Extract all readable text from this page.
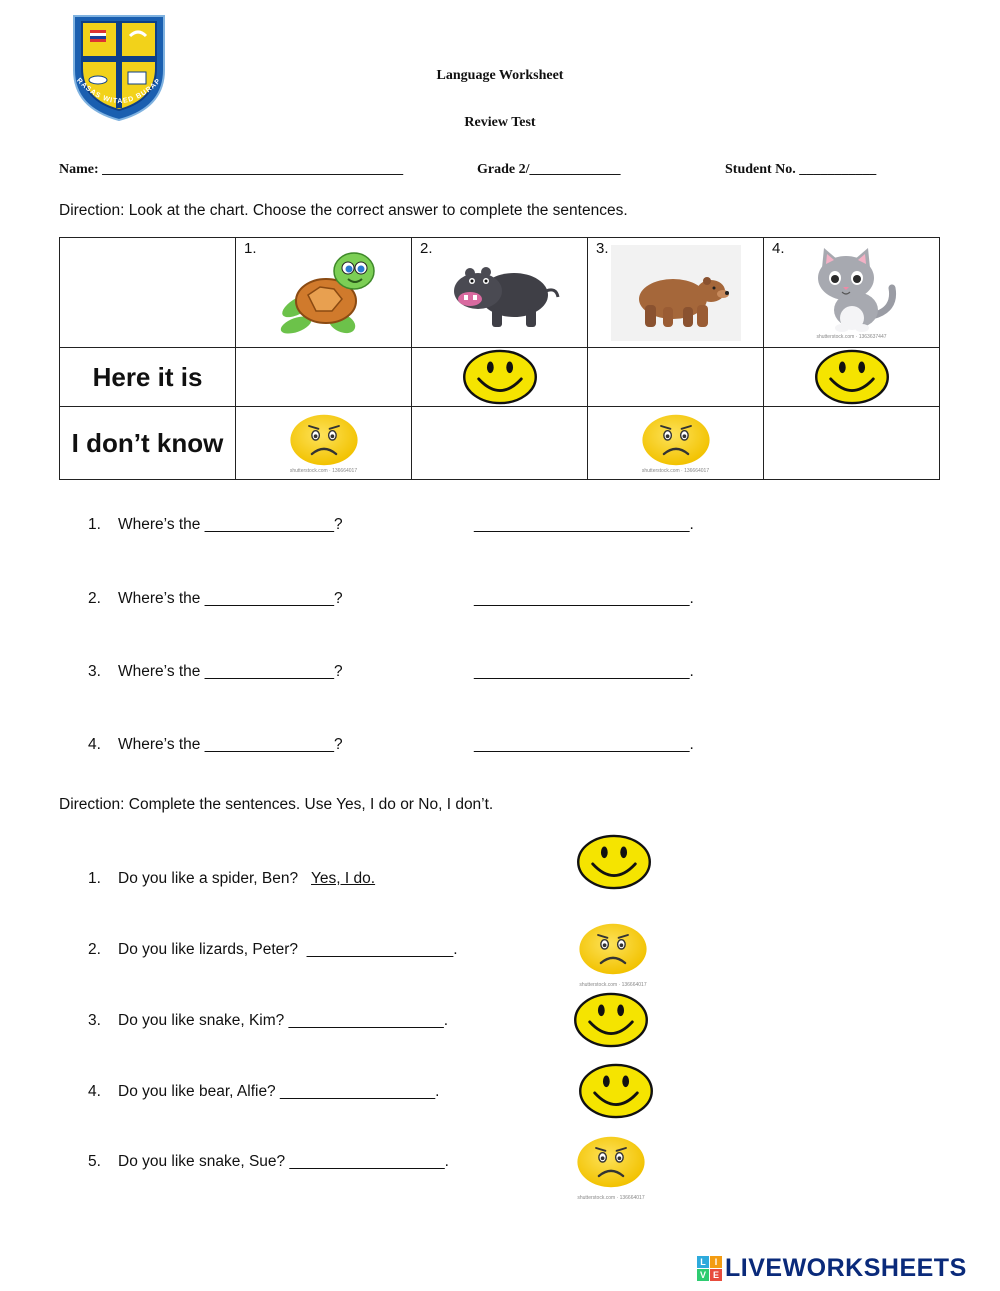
RASAS WITAED BURAP	Language Worksheet
Review Test
Name: ___________________________________________	Grade 2/_____________	Student No. ___________
Direction: Look at the chart. Choose the correct answer to complete the sentences.

	1.	2.	3.	4.
shutterstock.com · 1363637447

Here it is		

I don’t know	shutterstock.com · 136664017		shutterstock.com · 136664017	

1. Where’s the _______________?	_________________________.
2. Where’s the _______________?	_________________________.
3. Where’s the _______________?	_________________________.
4. Where’s the _______________?	_________________________.
Direction: Complete the sentences. Use Yes, I do or No, I don’t.
1. Do you like a spider, Ben? Yes, I do.
2. Do you like lizards, Peter? _________________.
shutterstock.com · 136664017
3. Do you like snake, Kim? __________________.
4. Do you like bear, Alfie? __________________.
5. Do you like snake, Sue? __________________.
shutterstock.com · 136664017
L I
V E LIVEWORKSHEETS
